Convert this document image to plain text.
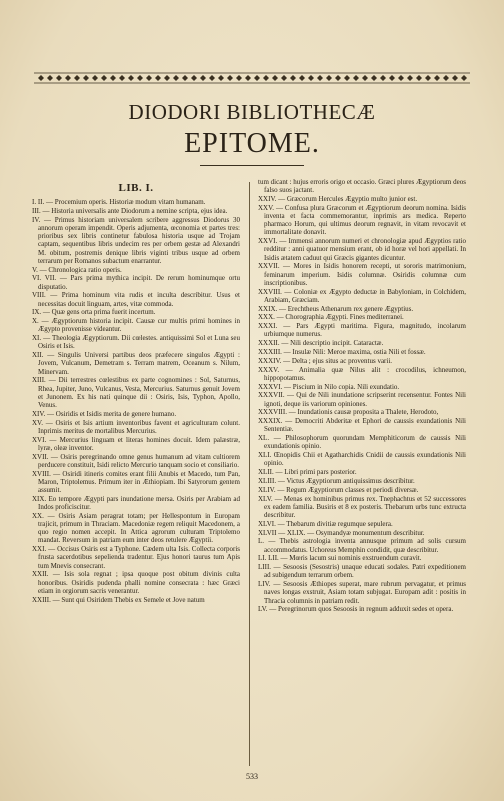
DIODORI BIBLIOTHECÆ
EPITOME.
LIB. I.

I. II. — Procemium operis. Historiæ modum vitam humanam.

III. — Historia universalis ante Diodorum a nemine scripta, ejus idea.

IV. — Primus historiam universalem scribere aggressus Diodorus 30 annorum operam impendit. Operis adjumenta, œconomia et partes tres: prioribus sex libris continetur fabulosa historia usque ad Trojam captam, sequentibus libris undecim res per orbem gestæ ad Alexandri M. obitum, postremis denique libris viginti tribus usque ad orbem terrarum per Romanos subactum enarrantur.

V. — Chronologica ratio operis.

VI. VII. — Pars prima mythica incipit. De rerum hominumque ortu disputatio.

VIII. — Prima hominum vita rudis et inculta describitur. Usus et necessitas docuit linguam, artes, vitæ commoda.

IX. — Quæ gens orta prima fuerit incertum.

X. — Ægyptiorum historia incipit. Causæ cur multis primi homines in Ægypto provenisse videantur.

XI. — Theologia Ægyptiorum. Dii cœlestes. antiquissimi Sol et Luna seu Osiris et Isis.

XII. — Singulis Universi partibus deos præfecere singulos Ægypti : Jovem, Vulcanum, Demetram s. Terram matrem, Oceanum s. Nilum, Minervam.

XIII. — Dii terrestres cœlestibus ex parte cognomines : Sol, Saturnus, Rhea, Jupiter, Juno, Vulcanus, Vesta, Mercurius. Saturnus genuit Jovem et Junonem. Ex his nati quinque dii : Osiris, Isis, Typhon, Apollo, Venus.

XIV. — Osiridis et Isidis merita de genere humano.

XV. — Osiris et Isis artium inventoribus favent et agriculturam colunt. Inprimis meritus de mortalibus Mercurius.

XVI. — Mercurius linguam et literas homines docuit. Idem palæstræ, lyræ, oleæ inventor.

XVII. — Osiris peregrinando omne genus humanum ad vitam cultiorem perducere constituit, Isidi relicto Mercurio tanquam socio et consiliario.

XVIII. — Osiridi itineris comites erant filii Anubis et Macedo, tum Pan, Maron, Triptolemus. Primum iter in Æthiopiam. Ibi Satyrorum gentem assumit.

XIX. Eo tempore Ægypti pars inundatione mersa. Osiris per Arabiam ad Indos proficiscitur.

XX. — Osiris Asiam peragrat totam; per Hellespontum in Europam trajicit, primum in Thraciam. Macedoniæ regem reliquit Macedonem, a quo regio nomen accepit. In Attica agrorum culturam Triptolemo mandat. Reversum in patriam eum inter deos retulere Ægyptii.

XXI. — Occisus Osiris est a Typhone. Cædem ulta Isis. Collecta corporis frusta sacerdotibus sepelienda tradentur. Ejus honori taurus tum Apis tum Mnevis consecrant.

XXII. — Isis sola regnat ; ipsa quoque post obitum divinis culta honoribus. Osiridis pudenda phalli nomine consecrata : hæc Græci etiam in orgiorum sacris venerantur.

XXIII. — Sunt qui Osiridem Thebis ex Semele et Jove natum

tum dicant : hujus erroris origo et occasio. Græci plures Ægyptiorum deos falso suos jactant.

XXIV. — Græcorum Hercules Ægyptio multo junior est.

XXV. — Confusa plura Græcorum et Ægyptiorum deorum nomina. Isidis inventa et facta commemorantur, inprimis ars medica. Reperto pharmaco Horum, qui ultimus deorum regnavit, in vitam revocavit et immortalitate donavit.

XXVI. — Immensi annorum numeri et chronologiæ apud Ægyptios ratio redditur : anni quatuor mensium erant, ob id horæ vel hori appellati. In Isidis ætatem caduut qui Græcis gigantes dicuntur.

XXVII. — Mores in Isidis honorem recepti, ut sororis matrimonium, feminarum imperium. Isidis columnæ. Osiridis columnæ cum inscriptionibus.

XXVIII. — Coloniæ ex Ægypto deductæ in Babyloniam, in Colchidem, Arabiam, Græciam.

XXIX. — Erechtheus Athenarum rex genere Ægyptius.

XXX. — Chorographia Ægypti. Fines mediterranei.

XXXI. — Pars Ægypti maritima. Figura, magnitudo, incolarum urbiumque numerus.

XXXII. — Nili descriptio incipit. Cataractæ.

XXXIII. — Insulæ Nili: Meroe maxima, ostia Nili et fossæ.

XXXIV. — Delta ; ejus situs ac proventus varii.

XXXV. — Animalia quæ Nilus alit : crocodilus, ichneumon, hippopotamus.

XXXVI. — Piscium in Nilo copia. Nili exundatio.

XXXVII. — Qui de Nili inundatione scripserint recensentur. Fontes Nili ignoti, deque iis variorum opiniones.

XXXVIII. — Inundationis causæ proposita a Thalete, Herodoto,

XXXIX. — Democriti Abderitæ et Ephori de caussis exundationis Nili Sententiæ.

XL. — Philosophorum quorundam Memphiticorum de caussis Nili exundationis opinio.

XLI. Œnopidis Chii et Agatharchidis Cnidii de caussis exundationis Nili opinio.

XLII. — Libri primi pars posterior.

XLIII. — Victus Ægyptiorum antiquissimus describitur.

XLIV. — Regum Ægyptiorum classes et periodi diversæ.

XLV. — Menas ex hominibus primus rex. Tnephachtus et 52 successores ex eadem familia. Busiris et 8 ex posteris. Thebarum urbs tunc extructa describitur.

XLVI. — Thebarum divitiæ regumque sepulera.

XLVII — XLIX. — Osymandyæ monumentum describitur.

L. — Thebis astrologia inventa annusque primum ad solis cursum accommodatus. Uchoreus Memphin condidit, quæ describitur.

LI. LII. — Mœris lacum sui nominis exstruendum curavit.

LIII. — Sesoosis (Sesostris) unaque educati sodales. Patri expeditionem ad subigendum terrarum orbem.

LIV. — Sesoosis Æthiopes superat, mare rubrum pervagatur, et primus naves longas exstruit, Asiam totam subjugat. Europam adit : positis in Thracia columnis in patriam redit.

LV. — Peregrinorum quos Sesoosis in regnum adduxit sedes et opera.

533
